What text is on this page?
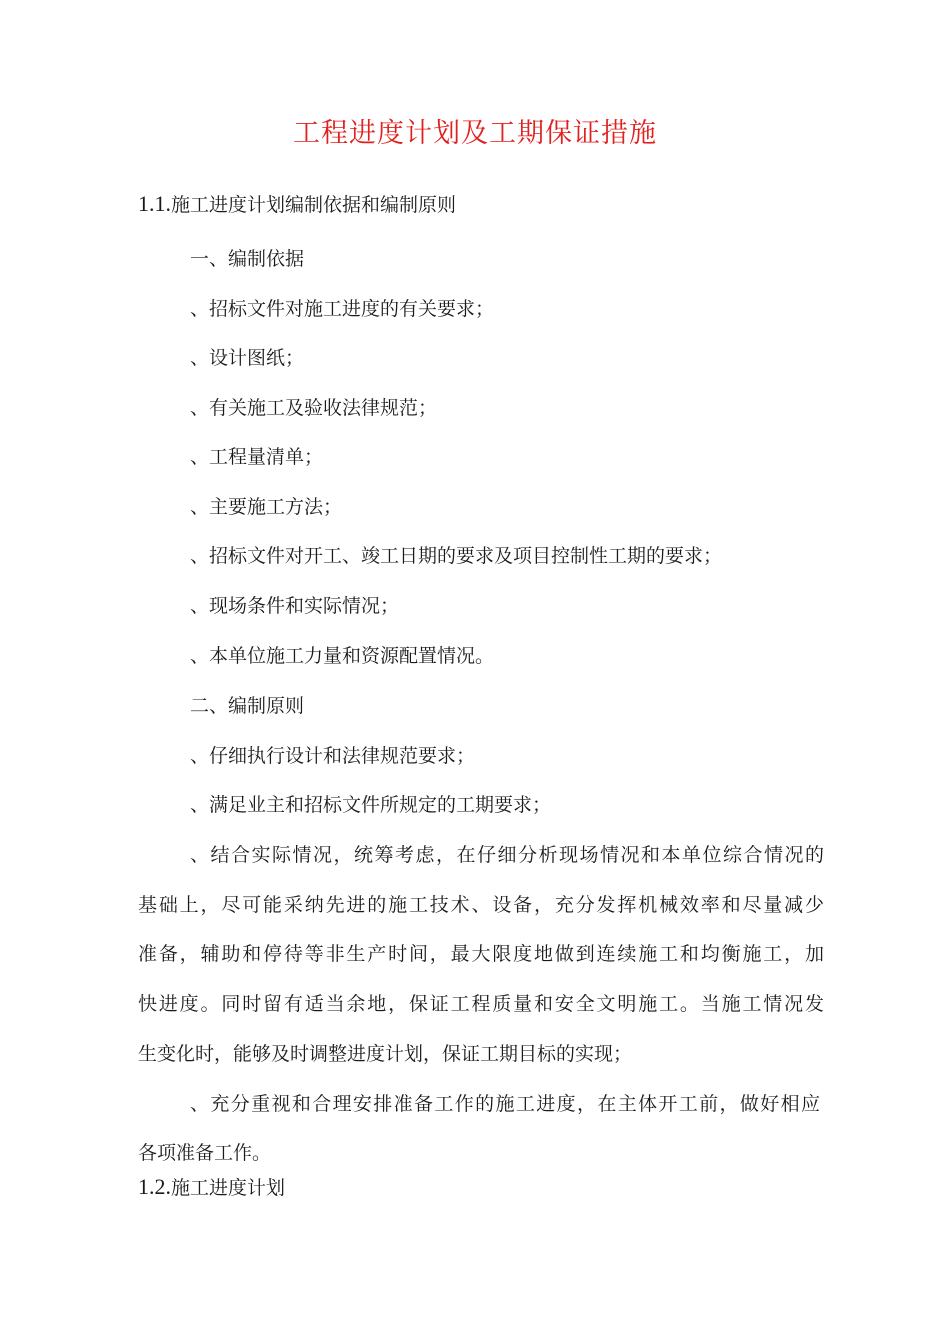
工程进度计划及工期保证措施
1.1.施工进度计划编制依据和编制原则
一、编制依据
、招标文件对施工进度的有关要求；
、设计图纸；
、有关施工及验收法律规范；
、工程量清单；
、主要施工方法；
、招标文件对开工、竣工日期的要求及项目控制性工期的要求；
、现场条件和实际情况；
、本单位施工力量和资源配置情况。
二、编制原则
、仔细执行设计和法律规范要求；
、满足业主和招标文件所规定的工期要求；
、结合实际情况，统筹考虑，在仔细分析现场情况和本单位综合情况的
基础上，尽可能采纳先进的施工技术、设备，充分发挥机械效率和尽量减少
准备，辅助和停待等非生产时间，最大限度地做到连续施工和均衡施工，加
快进度。同时留有适当余地，保证工程质量和安全文明施工。当施工情况发
生变化时，能够及时调整进度计划，保证工期目标的实现；
、充分重视和合理安排准备工作的施工进度，在主体开工前，做好相应
各项准备工作。
1.2.施工进度计划
